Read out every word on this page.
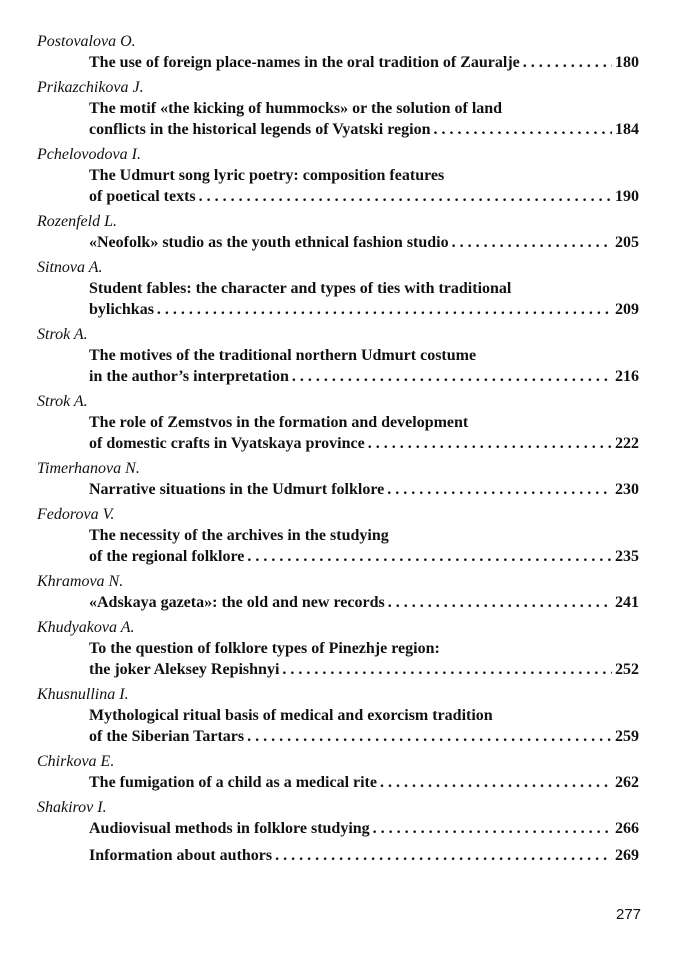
Postovalova O.
The use of foreign place-names in the oral tradition of Zauralje . . .	180
Prikazchikova J.
The motif «the kicking of hummocks» or the solution of land
conflicts in the historical legends of Vyatski region . . .	184
Pchelovodova I.
The Udmurt song lyric poetry: composition features
of poetical texts . . .	190
Rozenfeld L.
«Neofolk» studio as the youth ethnical fashion studio . . .	205
Sitnova A.
Student fables: the character and types of ties with traditional
bylichkas . . .	209
Strok A.
The motives of the traditional northern Udmurt costume
in the author’s interpretation . . .	216
Strok A.
The role of Zemstvos in the formation and development
of domestic crafts in Vyatskaya province . . .	222
Timerhanova N.
Narrative situations in the Udmurt folklore . . .	230
Fedorova V.
The necessity of the archives in the studying
of the regional folklore . . .	235
Khramova N.
«Adskaya gazeta»: the old and new records . . .	241
Khudyakova A.
To the question of folklore types of Pinezhje region:
the joker Aleksey Repishnyi . . .	252
Khusnullina I.
Mythological ritual basis of medical and exorcism tradition
of the Siberian Tartars . . .	259
Chirkova E.
The fumigation of a child as a medical rite . . .	262
Shakirov I.
Audiovisual methods in folklore studying . . .	266
Information about authors . . .	269
277
